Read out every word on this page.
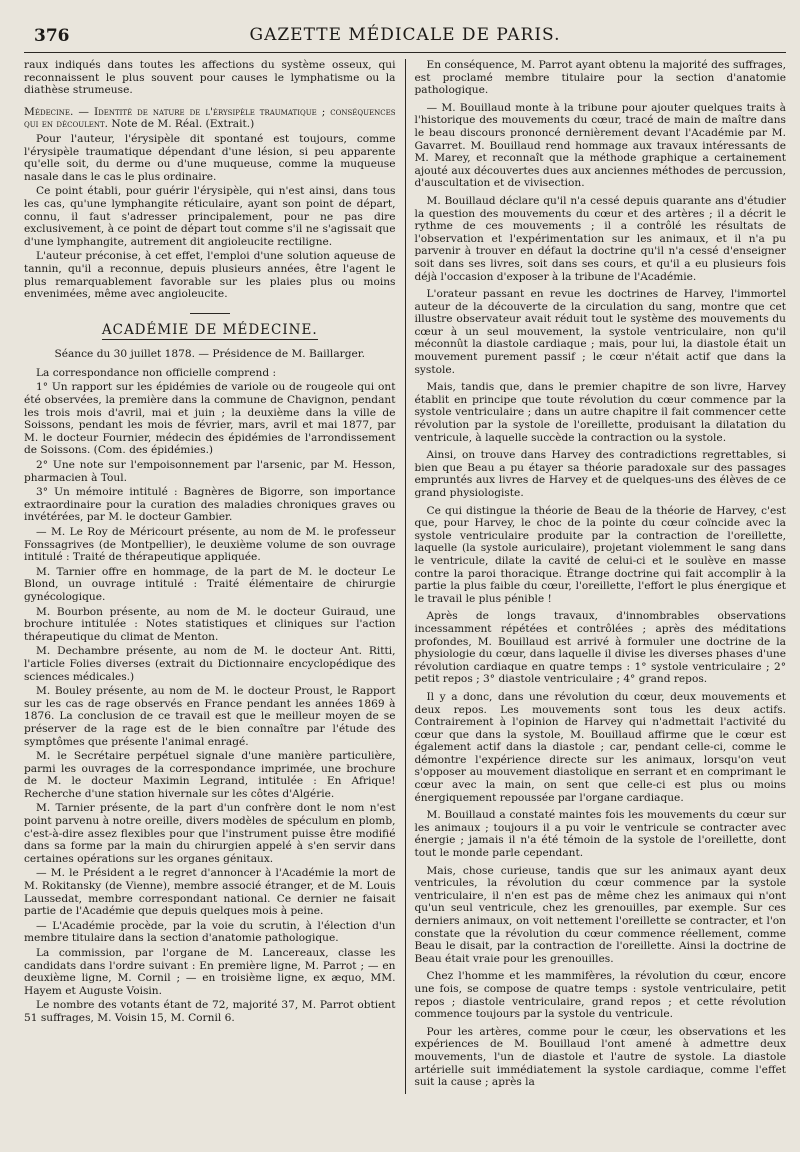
376	GAZETTE MÉDICALE DE PARIS.

raux indiqués dans toutes les affections du système osseux, qui reconnaissent le plus souvent pour causes le lymphatisme ou la diathèse strumeuse.

Médecine. — Identité de nature de l'érysipèle traumatique ; conséquences qui en découlent. Note de M. Réal. (Extrait.)

Pour l'auteur, l'érysipèle dit spontané est toujours, comme l'érysipèle traumatique dépendant d'une lésion, si peu apparente qu'elle soit, du derme ou d'une muqueuse, comme la muqueuse nasale dans le cas le plus ordinaire.

Ce point établi, pour guérir l'érysipèle, qui n'est ainsi, dans tous les cas, qu'une lymphangite réticulaire, ayant son point de départ, connu, il faut s'adresser principalement, pour ne pas dire exclusivement, à ce point de départ tout comme s'il ne s'agissait que d'une lymphangite, autrement dit angioleucite rectiligne.

L'auteur préconise, à cet effet, l'emploi d'une solution aqueuse de tannin, qu'il a reconnue, depuis plusieurs années, être l'agent le plus remarquablement favorable sur les plaies plus ou moins envenimées, même avec angioleucite.

ACADÉMIE DE MÉDECINE.

Séance du 30 juillet 1878. — Présidence de M. Baillarger.

La correspondance non officielle comprend :

1° Un rapport sur les épidémies de variole ou de rougeole qui ont été observées, la première dans la commune de Chavignon, pendant les trois mois d'avril, mai et juin ; la deuxième dans la ville de Soissons, pendant les mois de février, mars, avril et mai 1877, par M. le docteur Fournier, médecin des épidémies de l'arrondissement de Soissons. (Com. des épidémies.)

2° Une note sur l'empoisonnement par l'arsenic, par M. Hesson, pharmacien à Toul.

3° Un mémoire intitulé : Bagnères de Bigorre, son importance extraordinaire pour la curation des maladies chroniques graves ou invétérées, par M. le docteur Gambier.

— M. Le Roy de Méricourt présente, au nom de M. le professeur Fonssagrives (de Montpellier), le deuxième volume de son ouvrage intitulé : Traité de thérapeutique appliquée.

M. Tarnier offre en hommage, de la part de M. le docteur Le Blond, un ouvrage intitulé : Traité élémentaire de chirurgie gynécologique.

M. Bourbon présente, au nom de M. le docteur Guiraud, une brochure intitulée : Notes statistiques et cliniques sur l'action thérapeutique du climat de Menton.

M. Dechambre présente, au nom de M. le docteur Ant. Ritti, l'article Folies diverses (extrait du Dictionnaire encyclopédique des sciences médicales.)

M. Bouley présente, au nom de M. le docteur Proust, le Rapport sur les cas de rage observés en France pendant les années 1869 à 1876. La conclusion de ce travail est que le meilleur moyen de se préserver de la rage est de le bien connaître par l'étude des symptômes que présente l'animal enragé.

M. le Secrétaire perpétuel signale d'une manière particulière, parmi les ouvrages de la correspondance imprimée, une brochure de M. le docteur Maximin Legrand, intitulée : En Afrique! Recherche d'une station hivernale sur les côtes d'Algérie.

M. Tarnier présente, de la part d'un confrère dont le nom n'est point parvenu à notre oreille, divers modèles de spéculum en plomb, c'est-à-dire assez flexibles pour que l'instrument puisse être modifié dans sa forme par la main du chirurgien appelé à s'en servir dans certaines opérations sur les organes génitaux.

— M. le Président a le regret d'annoncer à l'Académie la mort de M. Rokitansky (de Vienne), membre associé étranger, et de M. Louis Laussedat, membre correspondant national. Ce dernier ne faisait partie de l'Académie que depuis quelques mois à peine.

— L'Académie procède, par la voie du scrutin, à l'élection d'un membre titulaire dans la section d'anatomie pathologique.

La commission, par l'organe de M. Lancereaux, classe les candidats dans l'ordre suivant : En première ligne, M. Parrot ; — en deuxième ligne, M. Cornil ; — en troisième ligne, ex æquo, MM. Hayem et Auguste Voisin.

Le nombre des votants étant de 72, majorité 37, M. Parrot obtient 51 suffrages, M. Voisin 15, M. Cornil 6.

En conséquence, M. Parrot ayant obtenu la majorité des suffrages, est proclamé membre titulaire pour la section d'anatomie pathologique.

— M. Bouillaud monte à la tribune pour ajouter quelques traits à l'historique des mouvements du cœur, tracé de main de maître dans le beau discours prononcé dernièrement devant l'Académie par M. Gavarret. M. Bouillaud rend hommage aux travaux intéressants de M. Marey, et reconnaît que la méthode graphique a certainement ajouté aux découvertes dues aux anciennes méthodes de percussion, d'auscultation et de vivisection.

M. Bouillaud déclare qu'il n'a cessé depuis quarante ans d'étudier la question des mouvements du cœur et des artères ; il a décrit le rythme de ces mouvements ; il a contrôlé les résultats de l'observation et l'expérimentation sur les animaux, et il n'a pu parvenir à trouver en défaut la doctrine qu'il n'a cessé d'enseigner soit dans ses livres, soit dans ses cours, et qu'il a eu plusieurs fois déjà l'occasion d'exposer à la tribune de l'Académie.

L'orateur passant en revue les doctrines de Harvey, l'immortel auteur de la découverte de la circulation du sang, montre que cet illustre observateur avait réduit tout le système des mouvements du cœur à un seul mouvement, la systole ventriculaire, non qu'il méconnût la diastole cardiaque ; mais, pour lui, la diastole était un mouvement purement passif ; le cœur n'était actif que dans la systole.

Mais, tandis que, dans le premier chapitre de son livre, Harvey établit en principe que toute révolution du cœur commence par la systole ventriculaire ; dans un autre chapitre il fait commencer cette révolution par la systole de l'oreillette, produisant la dilatation du ventricule, à laquelle succède la contraction ou la systole.

Ainsi, on trouve dans Harvey des contradictions regrettables, si bien que Beau a pu étayer sa théorie paradoxale sur des passages empruntés aux livres de Harvey et de quelques-uns des élèves de ce grand physiologiste.

Ce qui distingue la théorie de Beau de la théorie de Harvey, c'est que, pour Harvey, le choc de la pointe du cœur coïncide avec la systole ventriculaire produite par la contraction de l'oreillette, laquelle (la systole auriculaire), projetant violemment le sang dans le ventricule, dilate la cavité de celui-ci et le soulève en masse contre la paroi thoracique. Étrange doctrine qui fait accomplir à la partie la plus faible du cœur, l'oreillette, l'effort le plus énergique et le travail le plus pénible !

Après de longs travaux, d'innombrables observations incessamment répétées et contrôlées ; après des méditations profondes, M. Bouillaud est arrivé à formuler une doctrine de la physiologie du cœur, dans laquelle il divise les diverses phases d'une révolution cardiaque en quatre temps : 1° systole ventriculaire ; 2° petit repos ; 3° diastole ventriculaire ; 4° grand repos.

Il y a donc, dans une révolution du cœur, deux mouvements et deux repos. Les mouvements sont tous les deux actifs. Contrairement à l'opinion de Harvey qui n'admettait l'activité du cœur que dans la systole, M. Bouillaud affirme que le cœur est également actif dans la diastole ; car, pendant celle-ci, comme le démontre l'expérience directe sur les animaux, lorsqu'on veut s'opposer au mouvement diastolique en serrant et en comprimant le cœur avec la main, on sent que celle-ci est plus ou moins énergiquement repoussée par l'organe cardiaque.

M. Bouillaud a constaté maintes fois les mouvements du cœur sur les animaux ; toujours il a pu voir le ventricule se contracter avec énergie ; jamais il n'a été témoin de la systole de l'oreillette, dont tout le monde parle cependant.

Mais, chose curieuse, tandis que sur les animaux ayant deux ventricules, la révolution du cœur commence par la systole ventriculaire, il n'en est pas de même chez les animaux qui n'ont qu'un seul ventricule, chez les grenouilles, par exemple. Sur ces derniers animaux, on voit nettement l'oreillette se contracter, et l'on constate que la révolution du cœur commence réellement, comme Beau le disait, par la contraction de l'oreillette. Ainsi la doctrine de Beau était vraie pour les grenouilles.

Chez l'homme et les mammifères, la révolution du cœur, encore une fois, se compose de quatre temps : systole ventriculaire, petit repos ; diastole ventriculaire, grand repos ; et cette révolution commence toujours par la systole du ventricule.

Pour les artères, comme pour le cœur, les observations et les expériences de M. Bouillaud l'ont amené à admettre deux mouvements, l'un de diastole et l'autre de systole. La diastole artérielle suit immédiatement la systole cardiaque, comme l'effet suit la cause ; après la
